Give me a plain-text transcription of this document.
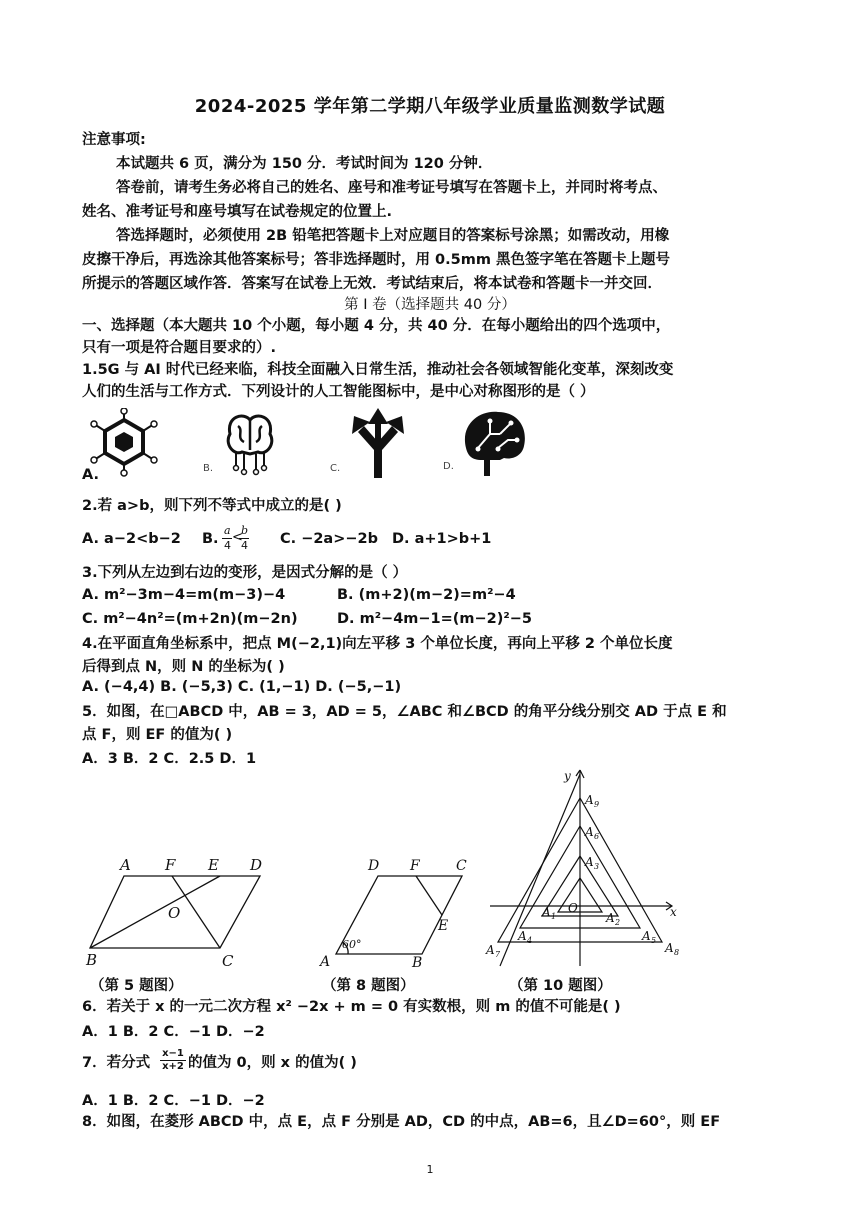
2024-2025 学年第二学期八年级学业质量监测数学试题
注意事项:
本试题共 6 页，满分为 150 分．考试时间为 120 分钟．
答卷前，请考生务必将自己的姓名、座号和准考证号填写在答题卡上，并同时将考点、
姓名、准考证号和座号填写在试卷规定的位置上.
答选择题时，必须使用 2B 铅笔把答题卡上对应题目的答案标号涂黑；如需改动，用橡
皮擦干净后，再选涂其他答案标号；答非选择题时，用 0.5mm 黑色签字笔在答题卡上题号
所提示的答题区域作答．答案写在试卷上无效．考试结束后，将本试卷和答题卡一并交回．
第 Ⅰ 卷（选择题共 40 分）
一、选择题（本大题共 10 个小题，每小题 4 分，共 40 分．在每小题给出的四个选项中，
只有一项是符合题目要求的）.
1.5G 与 AI 时代已经来临，科技全面融入日常生活，推动社会各领域智能化变革，深刻改变
人们的生活与工作方式．下列设计的人工智能图标中，是中心对称图形的是（ ）
A.	B.	C.	D.
2.若 a>b，则下列不等式中成立的是( )
A. a−2<b−2 B.
a
4
<
b
4 C. −2a>−2b D. a+1>b+1
3.下列从左边到右边的变形，是因式分解的是（ ）
A. m²−3m−4=m(m−3)−4	B. (m+2)(m−2)=m²−4
C. m²−4n²=(m+2n)(m−2n)	D. m²−4m−1=(m−2)²−5
4.在平面直角坐标系中，把点 M(−2,1)向左平移 3 个单位长度，再向上平移 2 个单位长度
后得到点 N，则 N 的坐标为( )
A. (−4,4) B. (−5,3) C. (1,−1) D. (−5,−1)
5．如图，在□ABCD 中，AB = 3，AD = 5，∠ABC 和∠BCD 的角平分线分别交 AD 于点 E 和
点 F，则 EF 的值为( )
A．3 B．2 C．2.5 D．1
A F E D
O
B	C
D F	C
E
A	B
60°
y
x
O
A 9
A 6
A 3
A 1	A 2
A 4	A 5
A 7	A 8
（第 5 题图）	（第 8 题图）	（第 10 题图）
6．若关于 x 的一元二次方程 x² −2x + m = 0 有实数根，则 m 的值不可能是( )
A．1 B．2 C．−1 D．−2
7．若分式 $\frac{x-1}{x+2}$ 的值为 0，则 x 的值为( )
A．1 B．2 C．−1 D．−2
8．如图，在菱形 ABCD 中，点 E，点 F 分别是 AD，CD 的中点，AB=6，且∠D=60°，则 EF
1
